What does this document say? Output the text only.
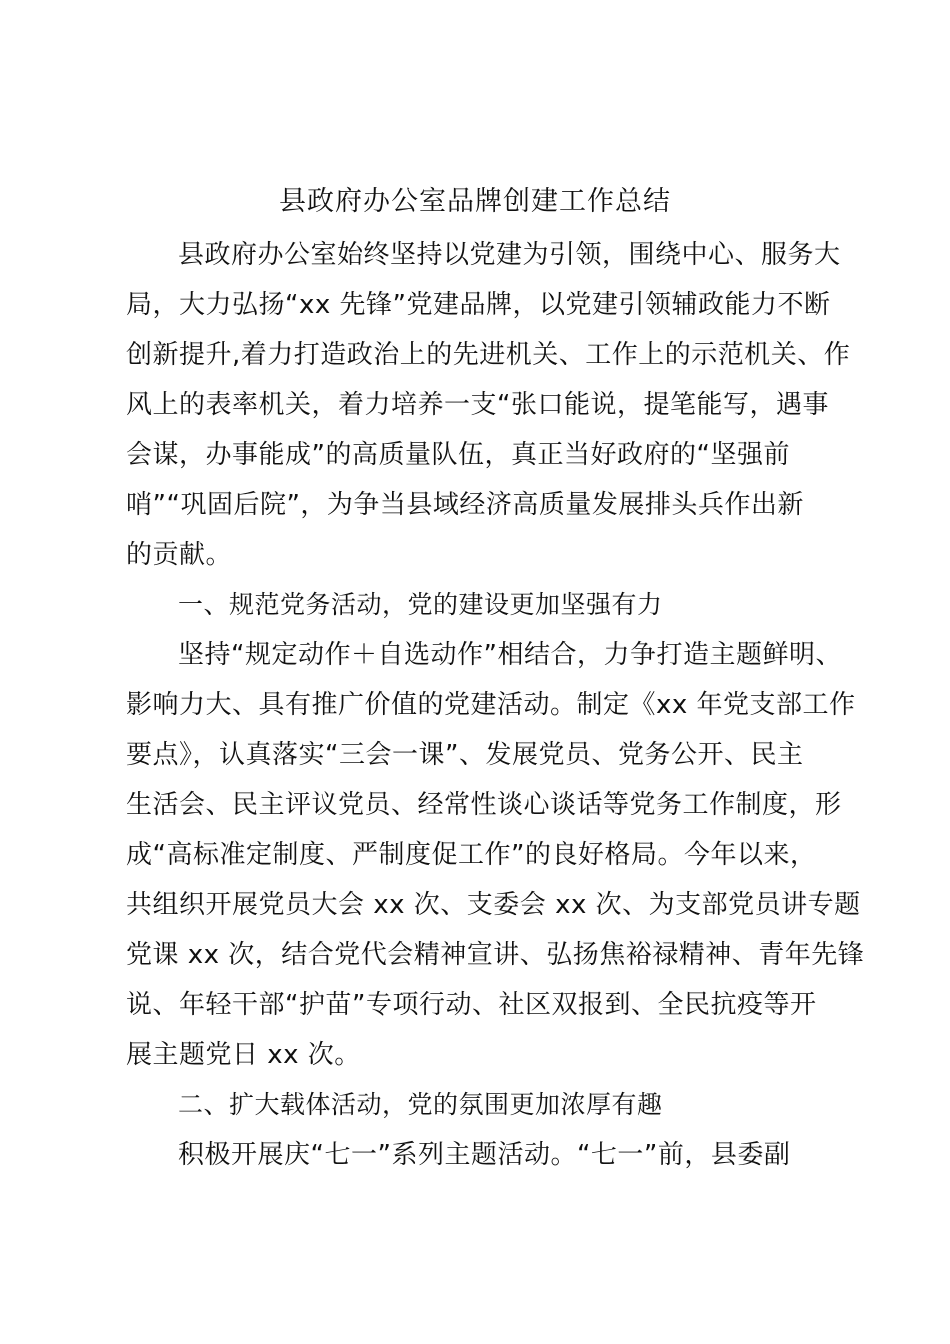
县政府办公室品牌创建工作总结
县政府办公室始终坚持以党建为引领，围绕中心、服务大
局，大力弘扬“xx 先锋”党建品牌，以党建引领辅政能力不断
创新提升,着力打造政治上的先进机关、工作上的示范机关、作
风上的表率机关，着力培养一支“张口能说，提笔能写，遇事
会谋，办事能成”的高质量队伍，真正当好政府的“坚强前
哨”“巩固后院”，为争当县域经济高质量发展排头兵作出新
的贡献。
一、规范党务活动，党的建设更加坚强有力
坚持“规定动作＋自选动作”相结合，力争打造主题鲜明、
影响力大、具有推广价值的党建活动。制定《xx 年党支部工作
要点》，认真落实“三会一课”、发展党员、党务公开、民主
生活会、民主评议党员、经常性谈心谈话等党务工作制度，形
成“高标准定制度、严制度促工作”的良好格局。今年以来，
共组织开展党员大会 xx 次、支委会 xx 次、为支部党员讲专题
党课 xx 次，结合党代会精神宣讲、弘扬焦裕禄精神、青年先锋
说、年轻干部“护苗”专项行动、社区双报到、全民抗疫等开
展主题党日 xx 次。
二、扩大载体活动，党的氛围更加浓厚有趣
积极开展庆“七一”系列主题活动。“七一”前，县委副
